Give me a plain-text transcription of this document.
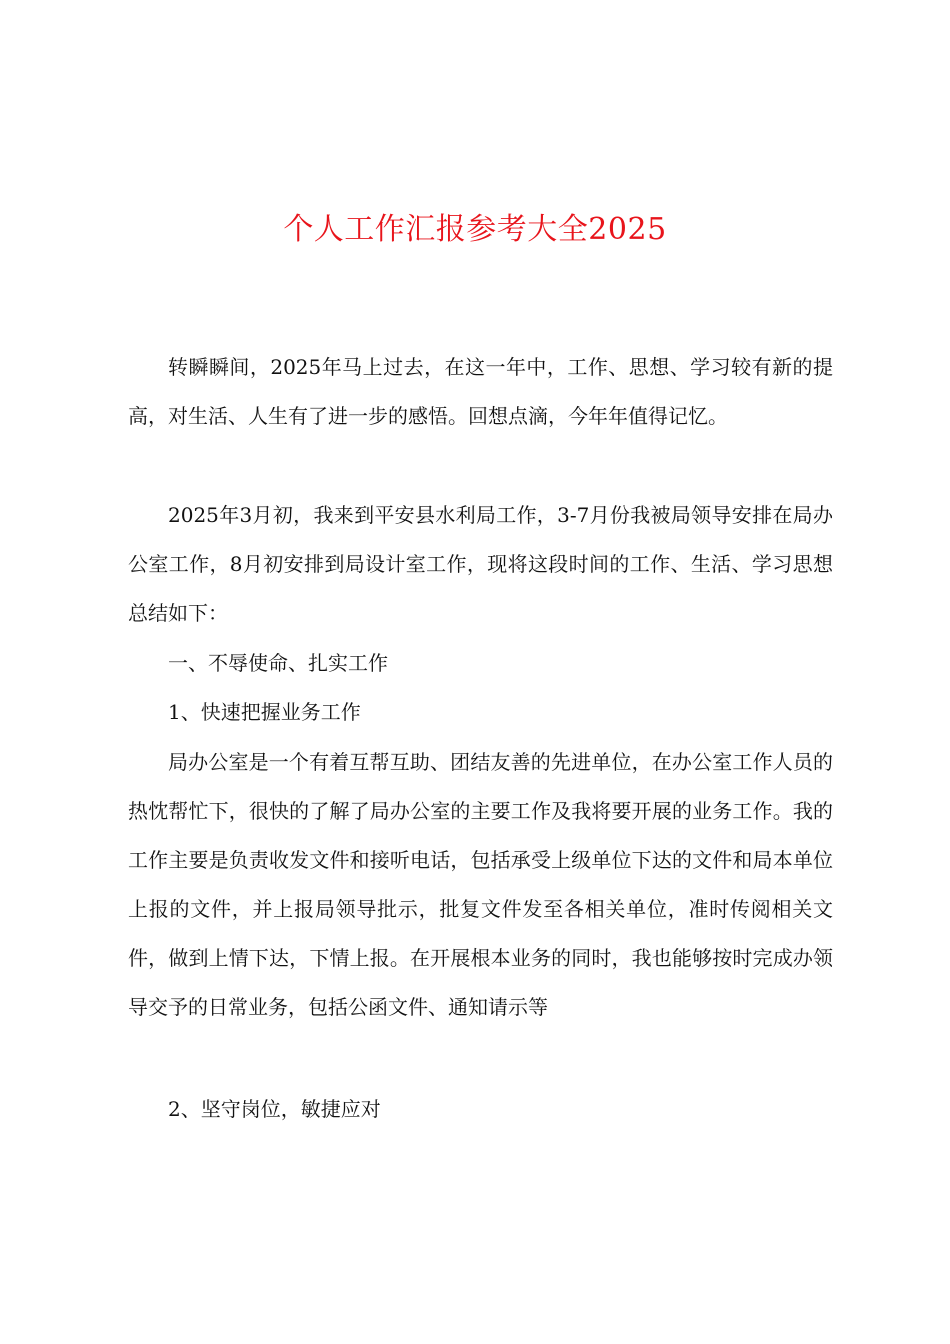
个人工作汇报参考大全2025

转瞬瞬间，2025年马上过去，在这一年中，工作、思想、学习较有新的提高，对生活、人生有了进一步的感悟。回想点滴，今年年值得记忆。

2025年3月初，我来到平安县水利局工作，3-7月份我被局领导安排在局办公室工作，8月初安排到局设计室工作，现将这段时间的工作、生活、学习思想总结如下：

一、不辱使命、扎实工作

1、快速把握业务工作

局办公室是一个有着互帮互助、团结友善的先进单位，在办公室工作人员的热忱帮忙下，很快的了解了局办公室的主要工作及我将要开展的业务工作。我的工作主要是负责收发文件和接听电话，包括承受上级单位下达的文件和局本单位上报的文件，并上报局领导批示，批复文件发至各相关单位，准时传阅相关文件，做到上情下达，下情上报。在开展根本业务的同时，我也能够按时完成办领导交予的日常业务，包括公函文件、通知请示等

2、坚守岗位，敏捷应对
